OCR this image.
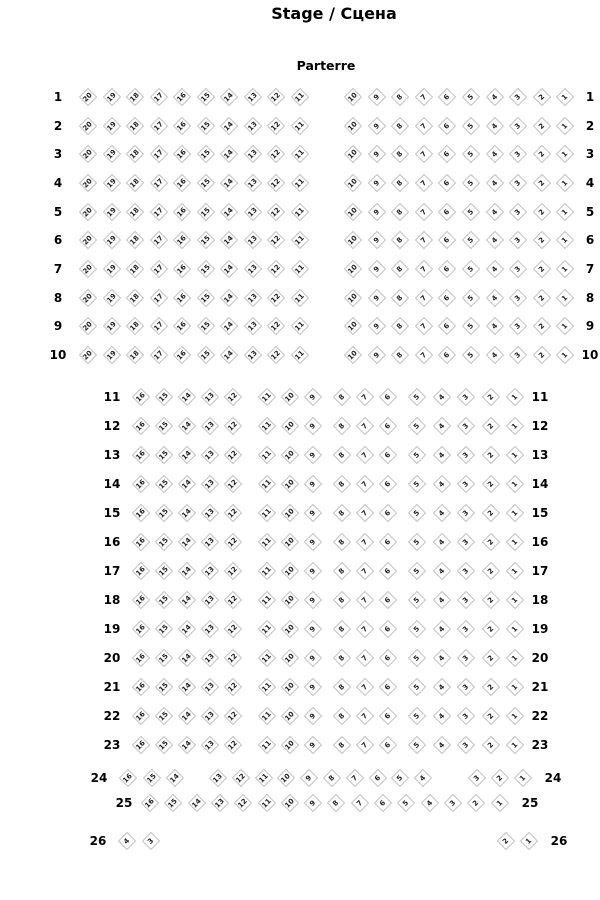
Stage / Сцена
Parterre
1	1
20 19 18 17 16 15 14 13 12 11	10 9 8 7 6 5 4 3 2 1
2	2
20 19 18 17 16 15 14 13 12 11	10 9 8 7 6 5 4 3 2 1
3	3
20 19 18 17 16 15 14 13 12 11	10 9 8 7 6 5 4 3 2 1
4	4
20 19 18 17 16 15 14 13 12 11	10 9 8 7 6 5 4 3 2 1
5	5
20 19 18 17 16 15 14 13 12 11	10 9 8 7 6 5 4 3 2 1
6	6
20 19 18 17 16 15 14 13 12 11	10 9 8 7 6 5 4 3 2 1
7	7
20 19 18 17 16 15 14 13 12 11	10 9 8 7 6 5 4 3 2 1
8	8
20 19 18 17 16 15 14 13 12 11	10 9 8 7 6 5 4 3 2 1
9	9
20 19 18 17 16 15 14 13 12 11	10 9 8 7 6 5 4 3 2 1
10	10
20 19 18 17 16 15 14 13 12 11	10 9 8 7 6 5 4 3 2 1
11	11
16 15 14 13 12	11 10 9	8 7 6	5 4 3 2 1
12	12
16 15 14 13 12	11 10 9	8 7 6	5 4 3 2 1
13	13
16 15 14 13 12	11 10 9	8 7 6	5 4 3 2 1
14	14
16 15 14 13 12	11 10 9	8 7 6	5 4 3 2 1
15	15
16 15 14 13 12	11 10 9	8 7 6	5 4 3 2 1
16	16
16 15 14 13 12	11 10 9	8 7 6	5 4 3 2 1
17	17
16 15 14 13 12	11 10 9	8 7 6	5 4 3 2 1
18	18
16 15 14 13 12	11 10 9	8 7 6	5 4 3 2 1
19	19
16 15 14 13 12	11 10 9	8 7 6	5 4 3 2 1
20	20
16 15 14 13 12	11 10 9	8 7 6	5 4 3 2 1
21	21
16 15 14 13 12	11 10 9	8 7 6	5 4 3 2 1
22	22
16 15 14 13 12	11 10 9	8 7 6	5 4 3 2 1
23	23
16 15 14 13 12	11 10 9	8 7 6	5 4 3 2 1
24	24
16 15 14	13 12 11 10 9 8 7 6 5 4	3 2 1
25	25
16 15 14 13 12 11 10 9 8 7 6 5 4 3 2 1
26	26
4 3	2 1
